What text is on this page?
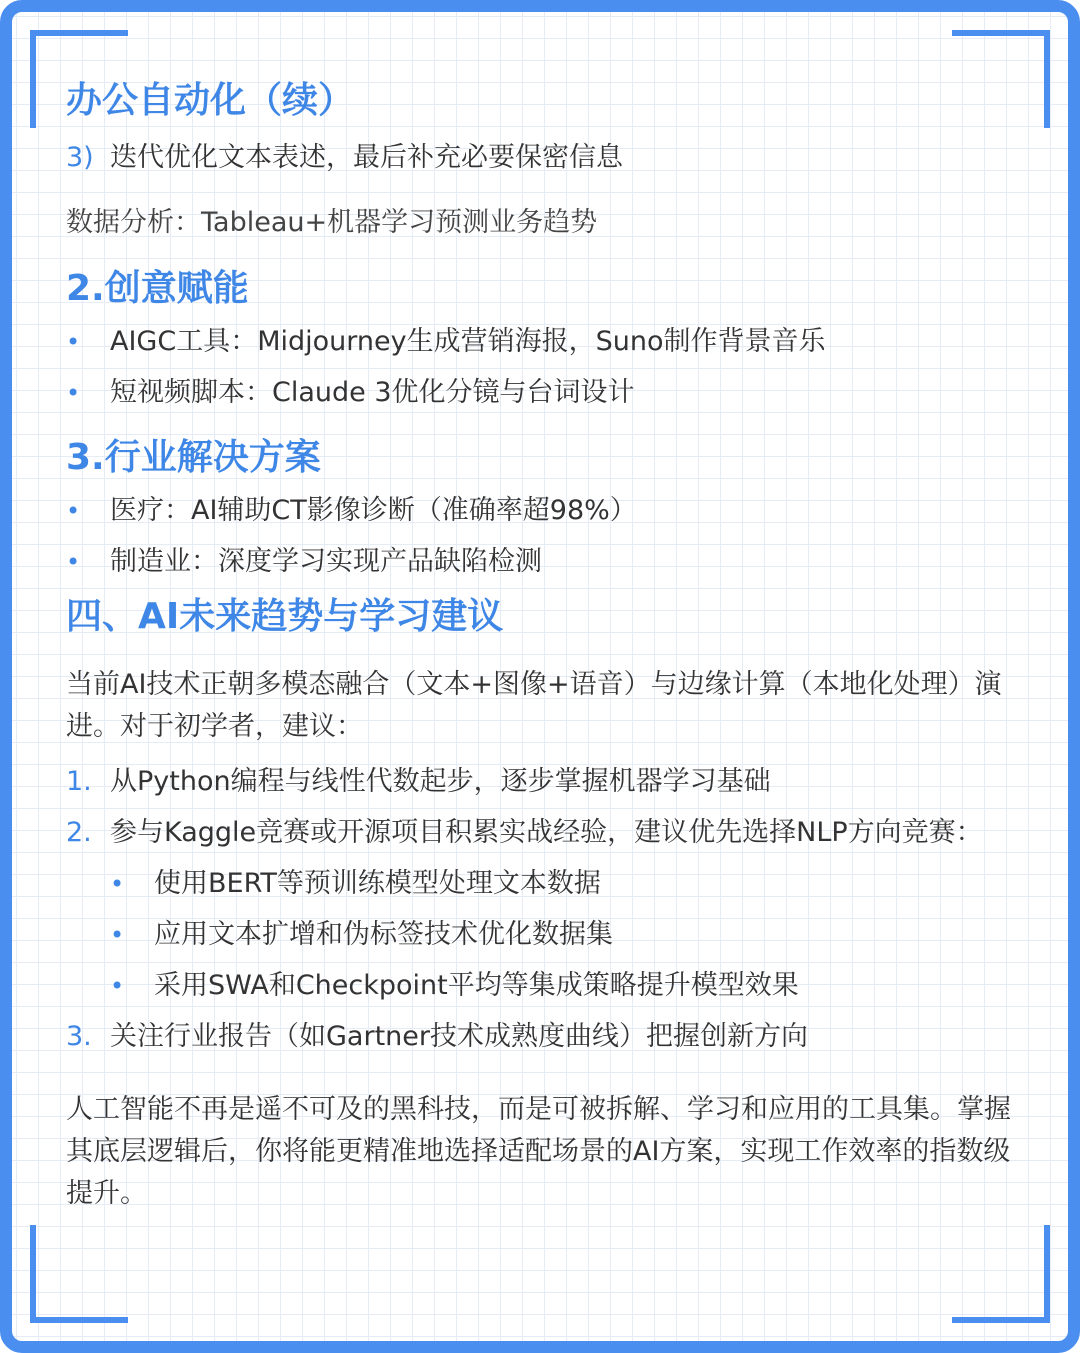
办公自动化（续）
3) 迭代优化文本表述，最后补充必要保密信息
数据分析：Tableau+机器学习预测业务趋势
2.创意赋能
•	AIGC工具：Midjourney生成营销海报，Suno制作背景音乐
•	短视频脚本：Claude 3优化分镜与台词设计
3.行业解决方案
•	医疗：AI辅助CT影像诊断（准确率超98%）
•	制造业：深度学习实现产品缺陷检测
四、AI未来趋势与学习建议
当前AI技术正朝多模态融合（文本+图像+语音）与边缘计算（本地化处理）演进。对于初学者，建议：
1. 从Python编程与线性代数起步，逐步掌握机器学习基础
2. 参与Kaggle竞赛或开源项目积累实战经验，建议优先选择NLP方向竞赛：
•	使用BERT等预训练模型处理文本数据
•	应用文本扩增和伪标签技术优化数据集
•	采用SWA和Checkpoint平均等集成策略提升模型效果
3. 关注行业报告（如Gartner技术成熟度曲线）把握创新方向
人工智能不再是遥不可及的黑科技，而是可被拆解、学习和应用的工具集。掌握其底层逻辑后，你将能更精准地选择适配场景的AI方案，实现工作效率的指数级提升。
